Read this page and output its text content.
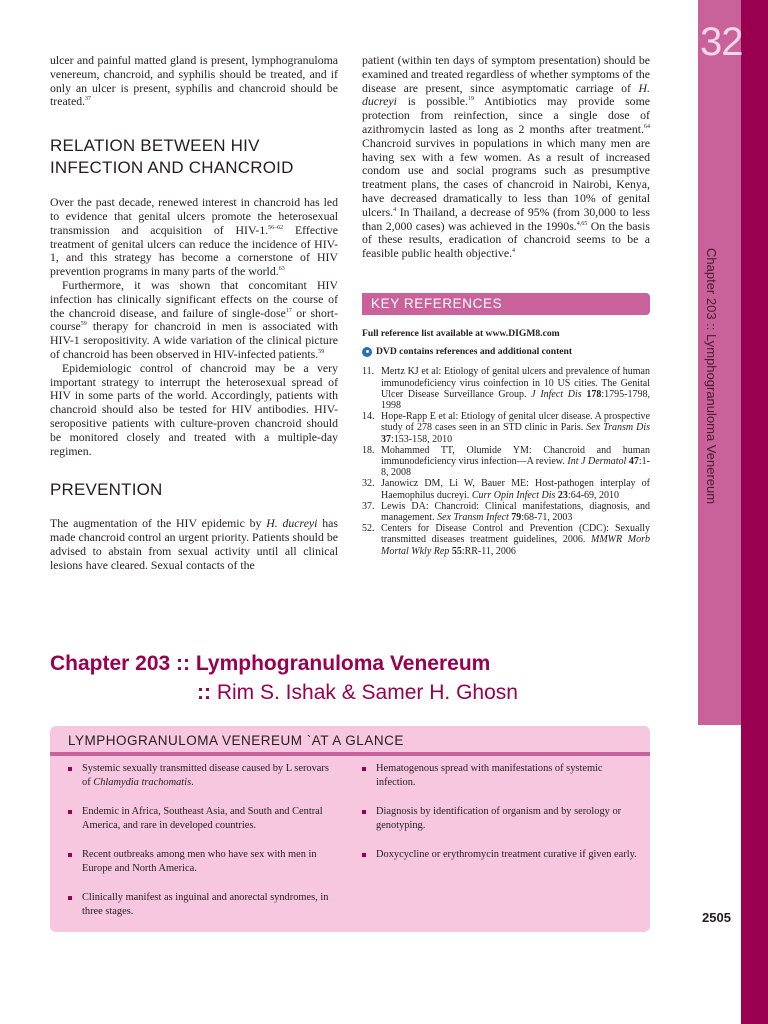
32
Chapter 203 :: Lymphogranuloma Venereum

ulcer and painful matted gland is present, lymphogranuloma venereum, chancroid, and syphilis should be treated, and if only an ulcer is present, syphilis and chancroid should be treated.$^{37}$

RELATION BETWEEN HIV
INFECTION AND CHANCROID

Over the past decade, renewed interest in chancroid has led to evidence that genital ulcers promote the heterosexual transmission and acquisition of HIV-1.$^{56-62}$ Effective treatment of genital ulcers can reduce the incidence of HIV-1, and this strategy has become a cornerstone of HIV prevention programs in many parts of the world.$^{63}$

Furthermore, it was shown that concomitant HIV infection has clinically significant effects on the course of the chancroid disease, and failure of single-dose$^{17}$ or short-course$^{59}$ therapy for chancroid in men is associated with HIV-1 seropositivity. A wide variation of the clinical picture of chancroid has been observed in HIV-infected patients.$^{59}$

Epidemiologic control of chancroid may be a very important strategy to interrupt the heterosexual spread of HIV in some parts of the world. Accordingly, patients with chancroid should also be tested for HIV antibodies. HIV-seropositive patients with culture-proven chancroid should be monitored closely and treated with a multiple-day regimen.

PREVENTION

The augmentation of the HIV epidemic by H. ducreyi has made chancroid control an urgent priority. Patients should be advised to abstain from sexual activity until all clinical lesions have cleared. Sexual contacts of the

patient (within ten days of symptom presentation) should be examined and treated regardless of whether symptoms of the disease are present, since asymptomatic carriage of H. ducreyi is possible.$^{19}$ Antibiotics may provide some protection from reinfection, since a single dose of azithromycin lasted as long as 2 months after treatment.$^{64}$ Chancroid survives in populations in which many men are having sex with a few women. As a result of increased condom use and social programs such as presumptive treatment plans, the cases of chancroid in Nairobi, Kenya, have decreased dramatically to less than 10% of genital ulcers.$^4$ In Thailand, a decrease of 95% (from 30,000 to less than 2,000 cases) was achieved in the 1990s.$^{4,65}$ On the basis of these results, eradication of chancroid seems to be a feasible public health objective.$^4$

KEY REFERENCES
Full reference list available at www.DIGM8.com
DVD contains references and additional content
11. Mertz KJ et al: Etiology of genital ulcers and prevalence of human immunodeficiency virus coinfection in 10 US cities. The Genital Ulcer Disease Surveillance Group. J Infect Dis 178:1795-1798, 1998
14. Hope-Rapp E et al: Etiology of genital ulcer disease. A prospective study of 278 cases seen in an STD clinic in Paris. Sex Transm Dis 37:153-158, 2010
18. Mohammed TT, Olumide YM: Chancroid and human immunodeficiency virus infection—A review. Int J Dermatol 47:1-8, 2008
32. Janowicz DM, Li W, Bauer ME: Host-pathogen interplay of Haemophilus ducreyi. Curr Opin Infect Dis 23:64-69, 2010
37. Lewis DA: Chancroid: Clinical manifestations, diagnosis, and management. Sex Transm Infect 79:68-71, 2003
52. Centers for Disease Control and Prevention (CDC): Sexually transmitted diseases treatment guidelines, 2006. MMWR Morb Mortal Wkly Rep 55:RR-11, 2006
Chapter 203 :: Lymphogranuloma Venereum
:: Rim S. Ishak & Samer H. Ghosn
LYMPHOGRANULOMA VENEREUM `AT A GLANCE
Systemic sexually transmitted disease caused by L serovars of Chlamydia trachomatis.
Endemic in Africa, Southeast Asia, and South and Central America, and rare in developed countries.
Recent outbreaks among men who have sex with men in Europe and North America.
Clinically manifest as inguinal and anorectal syndromes, in three stages.
Hematogenous spread with manifestations of systemic infection.
Diagnosis by identification of organism and by serology or genotyping.
Doxycycline or erythromycin treatment curative if given early.
2505
